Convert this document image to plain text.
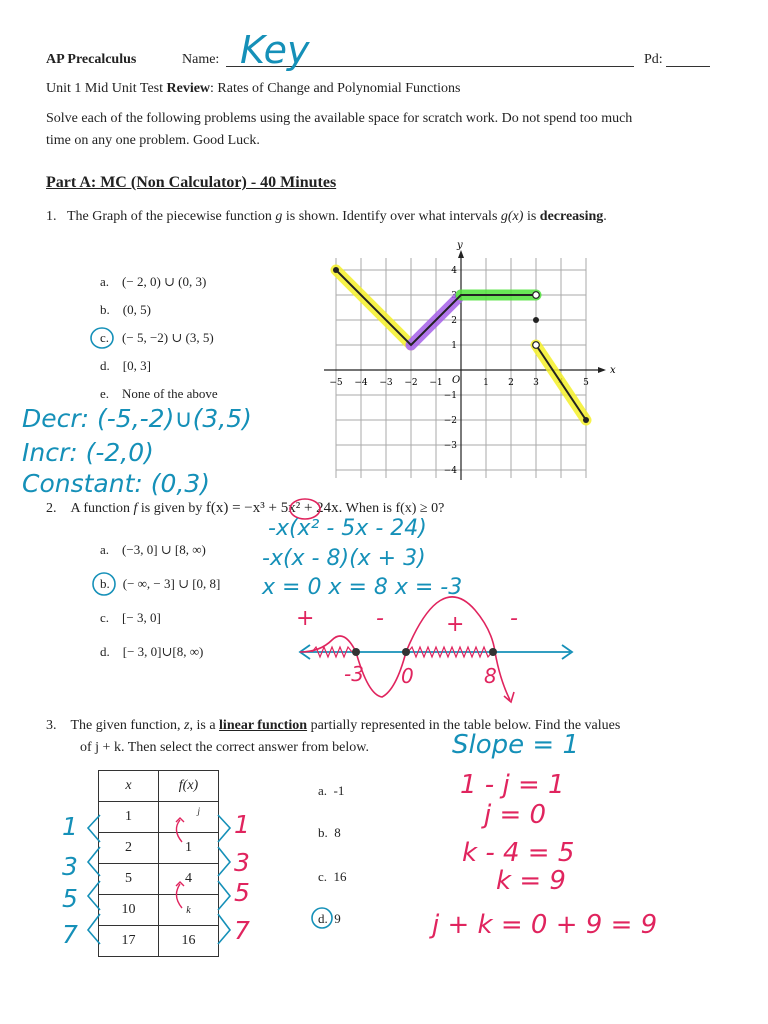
AP Precalculus	Name: Key	Pd:
Unit 1 Mid Unit Test Review: Rates of Change and Polynomial Functions
Solve each of the following problems using the available space for scratch work. Do not spend too much
time on any one problem. Good Luck.
Part A: MC (Non Calculator) - 40 Minutes
1. The Graph of the piecewise function g is shown. Identify over what intervals g(x) is decreasing.
a. (− 2, 0) ∪ (0, 3)
b. (0, 5)
c. (− 5, −2) ∪ (3, 5)
d. [0, 3]
e. None of the above
Decr: (-5,-2)∪(3,5)
Incr: (-2,0)
Constant: (0,3)
x
y
O
−5 −4 −3 −2 −1	1 2 3	5
4
2
1
−1
−2
−3
−4
2. A function f is given by f(x) = −x³ + 5x² + 24x. When is f(x) ≥ 0?
a. (−3, 0] ∪ [8, ∞)
b. (− ∞, − 3] ∪ [0, 8]
c. [− 3, 0]
d. [− 3, 0]∪[8, ∞)
-x(x² - 5x - 24)
-x(x - 8)(x + 3)
x = 0 x = 8 x = -3
+	-	+ -
-3 0	8
3. The given function, z, is a linear function partially represented in the table below. Find the values
of j + k. Then select the correct answer from below.
x	f(x)
1	j

2	1
5	4
10	k
17	16
1
3
5
7
1
3
5
7
a. -1
b. 8
c. 16
d. 9
Slope = 1
1 - j = 1
j = 0
k - 4 = 5
k = 9
j + k = 0 + 9 = 9
